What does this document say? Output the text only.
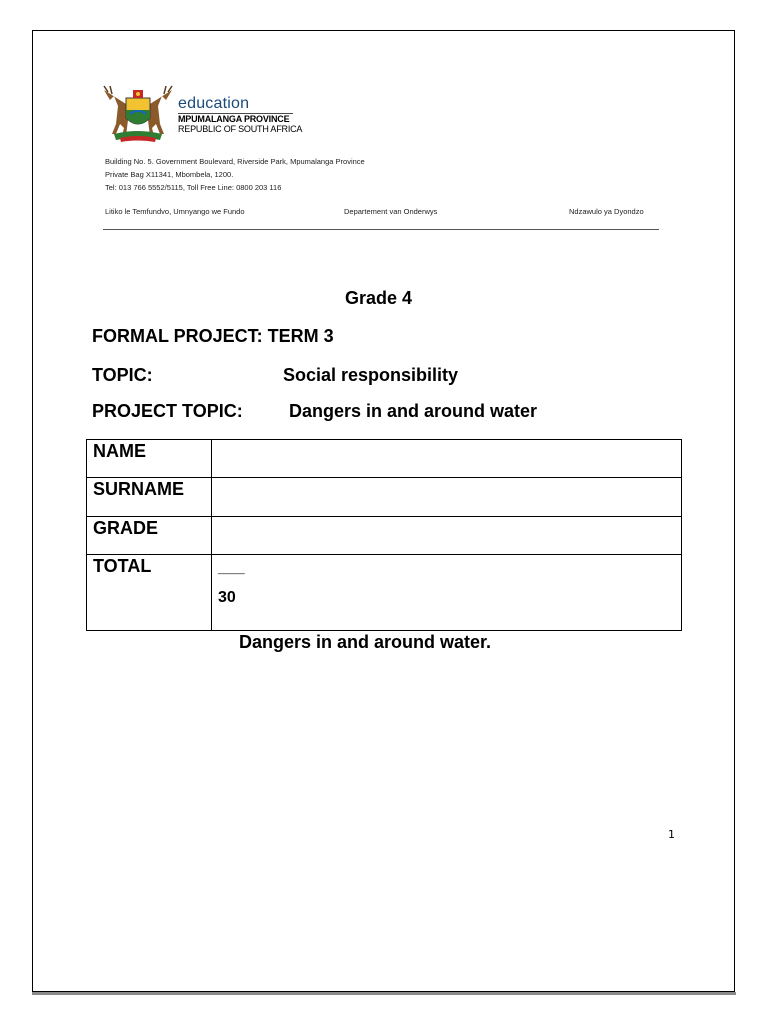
education
MPUMALANGA PROVINCE
REPUBLIC OF SOUTH AFRICA
Building No. 5. Government Boulevard, Riverside Park, Mpumalanga Province
Private Bag X11341, Mbombela, 1200.
Tel: 013 766 5552/5115, Toll Free Line: 0800 203 116
Litiko le Temfundvo, Umnyango we Fundo	Departement van Onderwys	Ndzawulo ya Dyondzo
Grade 4
FORMAL PROJECT: TERM 3
TOPIC:	Social responsibility
PROJECT TOPIC:	Dangers in and around water
NAME	

SURNAME	

GRADE	

TOTAL	___
30
Dangers in and around water.
1
